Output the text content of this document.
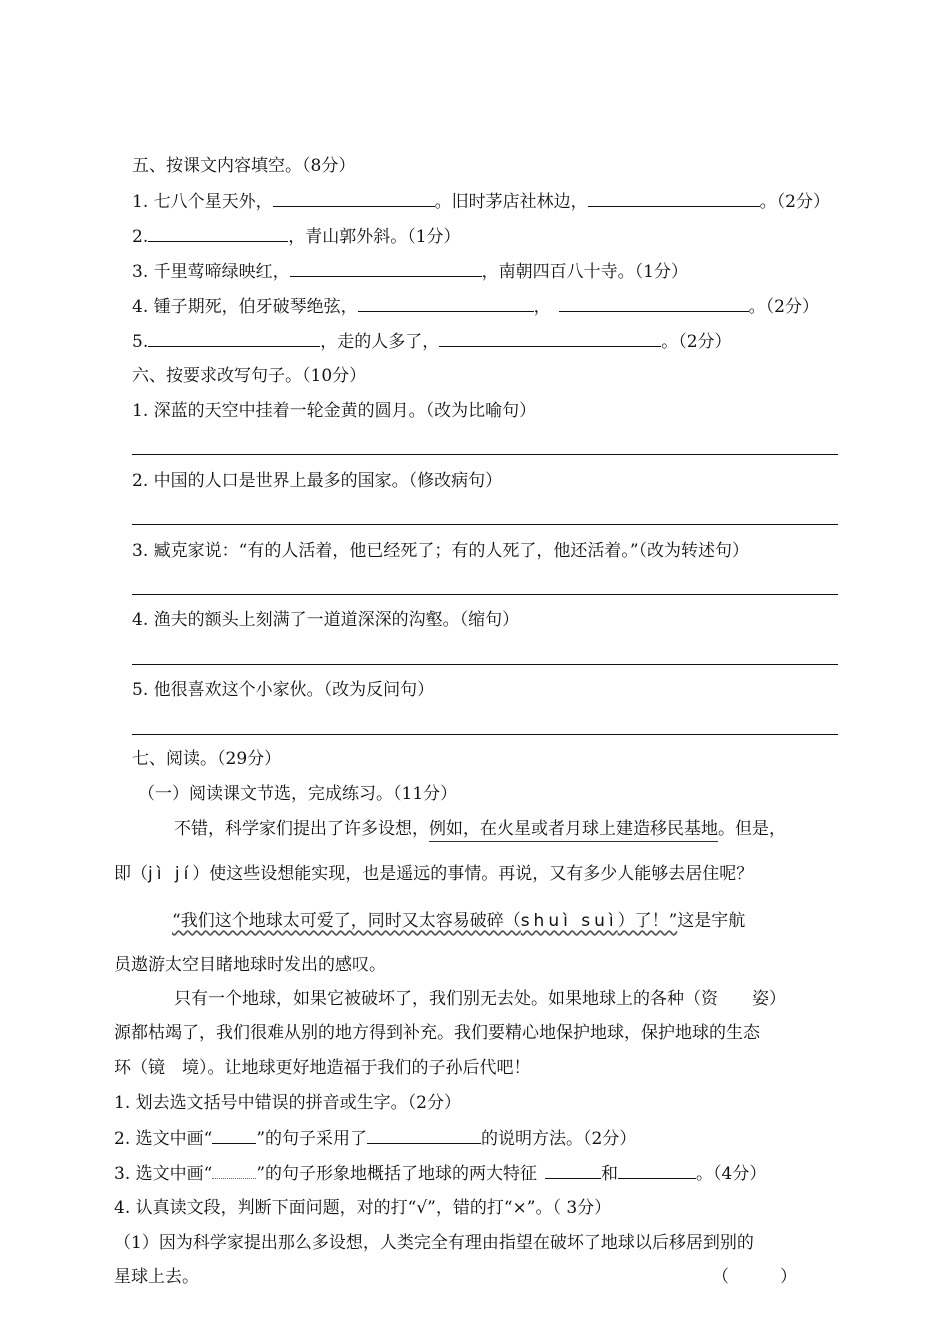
五、按课文内容填空。（8分）
1. 七八个星天外，	。旧时茅店社林边，	。（2分）
2.	，青山郭外斜。（1分）
3. 千里莺啼绿映红，	，南朝四百八十寺。（1分）
4. 锺子期死，伯牙破琴绝弦，	，	。（2分）
5.	，走的人多了，	。（2分）
六、按要求改写句子。（10分）
1. 深蓝的天空中挂着一轮金黄的圆月。（改为比喻句）
2. 中国的人口是世界上最多的国家。（修改病句）
3. 臧克家说：“有的人活着，他已经死了；有的人死了，他还活着。”（改为转述句）
4. 渔夫的额头上刻满了一道道深深的沟壑。（缩句）
5. 他很喜欢这个小家伙。（改为反问句）
七、阅读。（29分）
（一）阅读课文节选，完成练习。（11分）
不错，科学家们提出了许多设想，例如，在火星或者月球上建造移民基地。但是，
即（jì jí）使这些设想能实现，也是遥远的事情。再说，又有多少人能够去居住呢？
“我们这个地球太可爱了，同时又太容易破碎（shuì suì）了！”这是宇航
员遨游太空目睹地球时发出的感叹。
只有一个地球，如果它被破坏了，我们别无去处。如果地球上的各种（资　　姿）
源都枯竭了，我们很难从别的地方得到补充。我们要精心地保护地球，保护地球的生态
环（镜　境）。让地球更好地造福于我们的子孙后代吧！
1. 划去选文括号中错误的拼音或生字。（2分）
2. 选文中画“	”的句子采用了	的说明方法。（2分）
3. 选文中画“	”的句子形象地概括了地球的两大特征	和	。（4分）
4. 认真读文段，判断下面问题，对的打“√”，错的打“×”。（ 3分）
（1）因为科学家提出那么多设想，人类完全有理由指望在破坏了地球以后移居到别的
星球上去。	（　　　）
